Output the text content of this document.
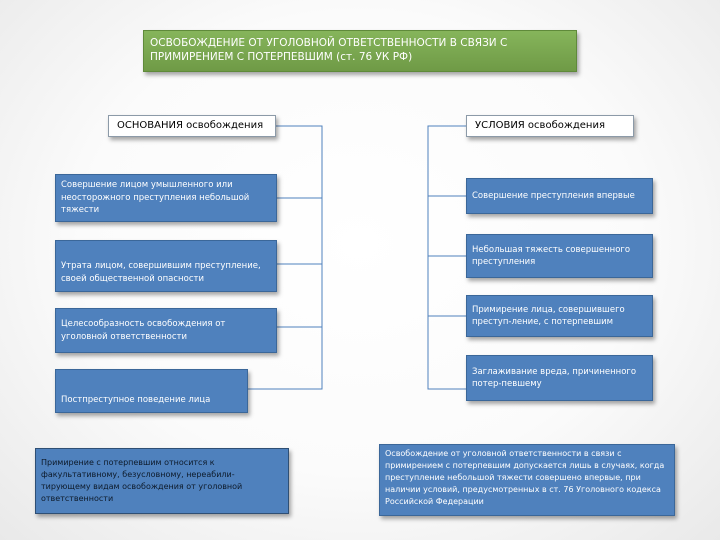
ОСВОБОЖДЕНИЕ ОТ УГОЛОВНОЙ ОТВЕТСТВЕННОСТИ В СВЯЗИ С ПРИМИРЕНИЕМ С ПОТЕРПЕВШИМ (ст. 76 УК РФ)
ОСНОВАНИЯ освобождения	УСЛОВИЯ освобождения
Совершение лицом умышленного или неосторожного преступления небольшой тяжести
Утрата лицом, совершившим преступление, своей общественной опасности
Целесообразность освобождения от уголовной ответственности
Постпреступное поведение лица
Совершение преступления впервые
Небольшая тяжесть совершенного преступления
Примирение лица, совершившего преступ-ление, с потерпевшим
Заглаживание вреда, причиненного потер-певшему
Примирение с потерпевшим относится к факультативному, безусловному, нереабили-тирующему видам освобождения от уголовной ответственности
Освобождение от уголовной ответственности в связи с примирением с потерпевшим допускается лишь в случаях, когда преступление небольшой тяжести совершено впервые, при наличии условий, предусмотренных в ст. 76 Уголовного кодекса Российской Федерации
